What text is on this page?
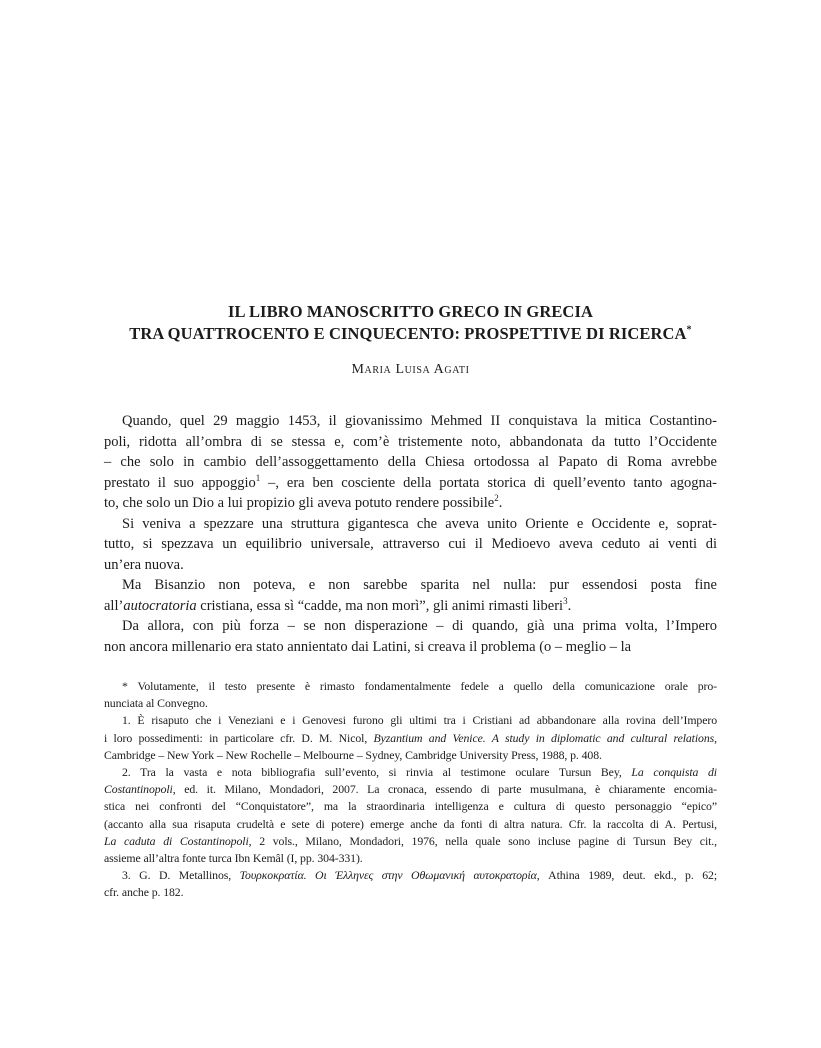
IL LIBRO MANOSCRITTO GRECO IN GRECIA
TRA QUATTROCENTO E CINQUECENTO: PROSPETTIVE DI RICERCA*
Maria Luisa Agati
Quando, quel 29 maggio 1453, il giovanissimo Mehmed II conquistava la mitica Costantino-
poli, ridotta all’ombra di se stessa e, com’è tristemente noto, abbandonata da tutto l’Occidente
– che solo in cambio dell’assoggettamento della Chiesa ortodossa al Papato di Roma avrebbe
prestato il suo appoggio$^1$ –, era ben cosciente della portata storica di quell’evento tanto agogna-
to, che solo un Dio a lui propizio gli aveva potuto rendere possibile$^2$.
Si veniva a spezzare una struttura gigantesca che aveva unito Oriente e Occidente e, soprat-
tutto, si spezzava un equilibrio universale, attraverso cui il Medioevo aveva ceduto ai venti di
un’era nuova.
Ma Bisanzio non poteva, e non sarebbe sparita nel nulla: pur essendosi posta fine
all’autocratoria cristiana, essa sì “cadde, ma non morì”, gli animi rimasti liberi$^3$.
Da allora, con più forza – se non disperazione – di quando, già una prima volta, l’Impero
non ancora millenario era stato annientato dai Latini, si creava il problema (o – meglio – la
* Volutamente, il testo presente è rimasto fondamentalmente fedele a quello della comunicazione orale pro-
nunciata al Convegno.
1. È risaputo che i Veneziani e i Genovesi furono gli ultimi tra i Cristiani ad abbandonare alla rovina dell’Impero
i loro possedimenti: in particolare cfr. D. M. Nicol, Byzantium and Venice. A study in diplomatic and cultural relations,
Cambridge – New York – New Rochelle – Melbourne – Sydney, Cambridge University Press, 1988, p. 408.
2. Tra la vasta e nota bibliografia sull’evento, si rinvia al testimone oculare Tursun Bey, La conquista di
Costantinopoli, ed. it. Milano, Mondadori, 2007. La cronaca, essendo di parte musulmana, è chiaramente encomia-
stica nei confronti del “Conquistatore”, ma la straordinaria intelligenza e cultura di questo personaggio “epico”
(accanto alla sua risaputa crudeltà e sete di potere) emerge anche da fonti di altra natura. Cfr. la raccolta di A. Pertusi,
La caduta di Costantinopoli, 2 vols., Milano, Mondadori, 1976, nella quale sono incluse pagine di Tursun Bey cit.,
assieme all’altra fonte turca Ibn Kemâl (I, pp. 304-331).
3. G. D. Metallinos, Τουρκοκρατία. Οι Έλληνες στην Οθωμανική αυτοκρατορία, Athina 1989, deut. ekd., p. 62;
cfr. anche p. 182.
